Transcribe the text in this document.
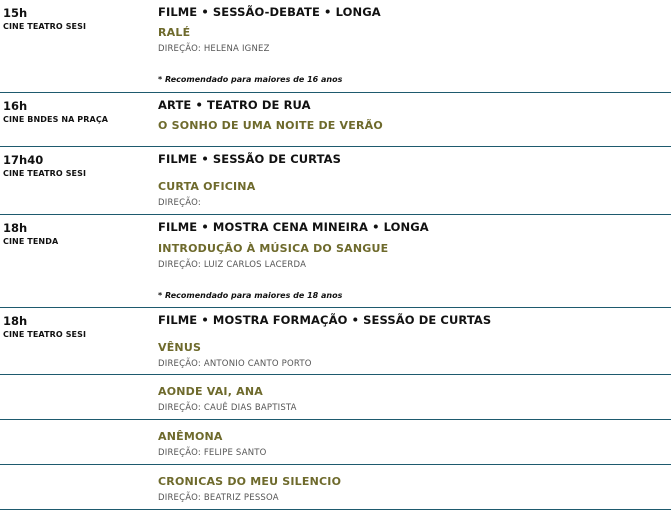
15h
CINE TEATRO SESI
FILME • SESSÃO-DEBATE • LONGA
RALÉ
DIREÇÃO: HELENA IGNEZ
* Recomendado para maiores de 16 anos
16h
CINE BNDES NA PRAÇA
ARTE • TEATRO DE RUA
O SONHO DE UMA NOITE DE VERÃO
17h40
CINE TEATRO SESI
FILME • SESSÃO DE CURTAS
CURTA OFICINA
DIREÇÃO:
18h
CINE TENDA
FILME • MOSTRA CENA MINEIRA • LONGA
INTRODUÇÃO À MÚSICA DO SANGUE
DIREÇÃO: LUIZ CARLOS LACERDA
* Recomendado para maiores de 18 anos
18h
CINE TEATRO SESI
FILME • MOSTRA FORMAÇÃO • SESSÃO DE CURTAS
VÊNUS
DIREÇÃO: ANTONIO CANTO PORTO
AONDE VAI, ANA
DIREÇÃO: CAUÊ DIAS BAPTISTA
ANÊMONA
DIREÇÃO: FELIPE SANTO
CRONICAS DO MEU SILENCIO
DIREÇÃO: BEATRIZ PESSOA
